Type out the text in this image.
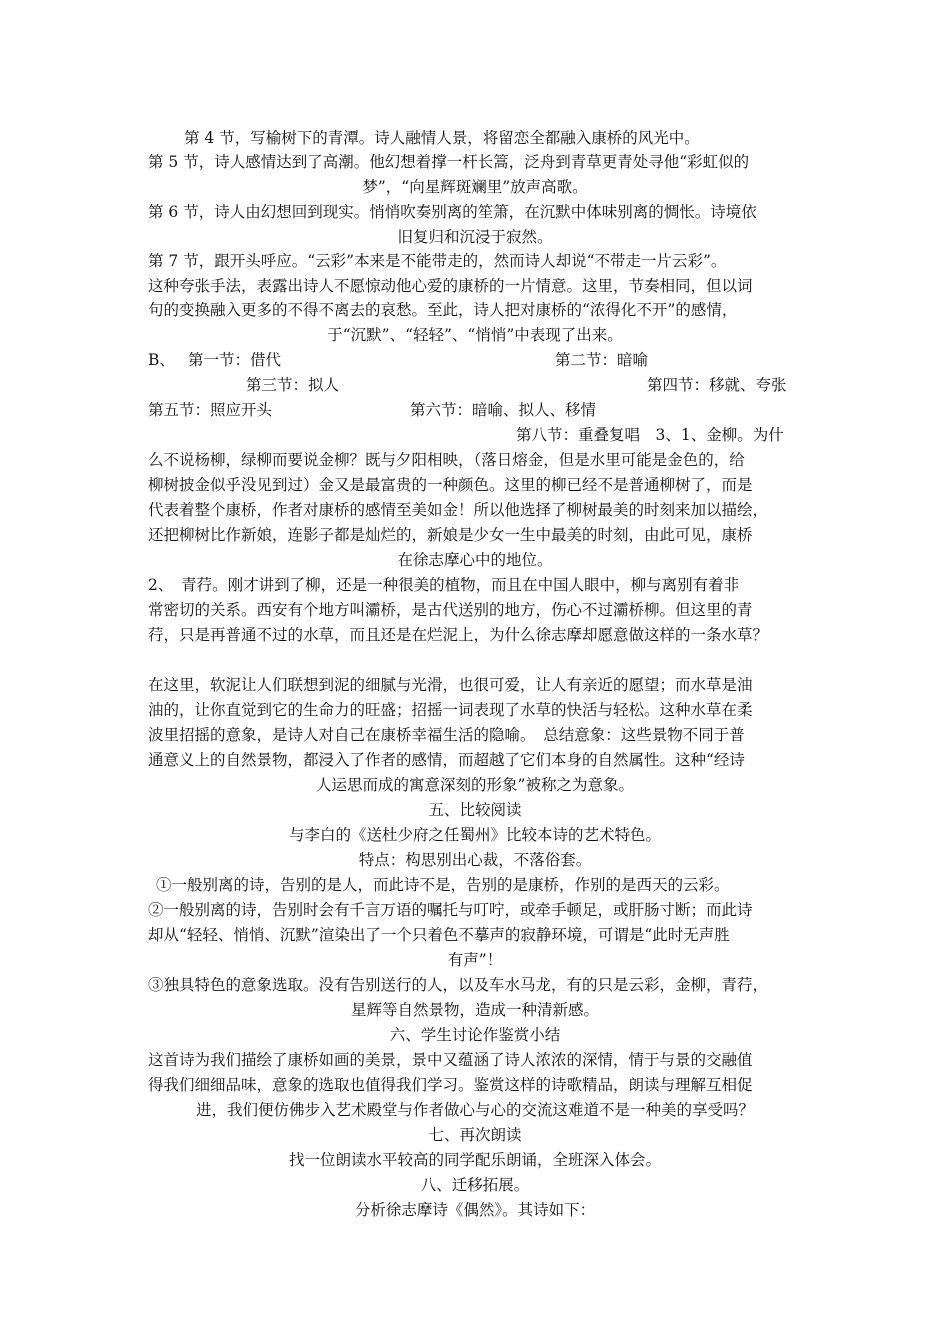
第 4 节，写榆树下的青潭。诗人融情人景，将留恋全都融入康桥的风光中。
第 5 节，诗人感情达到了高潮。他幻想着撑一杆长篙，泛舟到青草更青处寻他“彩虹似的
梦”，“向星辉斑斓里”放声高歌。
第 6 节，诗人由幻想回到现实。悄悄吹奏别离的笙箫，在沉默中体味别离的惆怅。诗境依
旧复归和沉浸于寂然。
第 7 节，跟开头呼应。“云彩”本来是不能带走的，然而诗人却说“不带走一片云彩”。
这种夸张手法，表露出诗人不愿惊动他心爱的康桥的一片情意。这里，节奏相同，但以词
句的变换融入更多的不得不离去的哀愁。至此，诗人把对康桥的“浓得化不开”的感情，
于“沉默”、“轻轻”、“悄悄”中表现了出来。
B、 第一节：借代	第二节：暗喻
第三节：拟人	第四节：移就、夸张
第五节：照应开头	第六节：暗喻、拟人、移情
第八节：重叠复唱　3、1、金柳。为什
么不说杨柳，绿柳而要说金柳？既与夕阳相映，（落日熔金，但是水里可能是金色的，给
柳树披金似乎没见到过）金又是最富贵的一种颜色。这里的柳已经不是普通柳树了，而是
代表着整个康桥，作者对康桥的感情至美如金！所以他选择了柳树最美的时刻来加以描绘，
还把柳树比作新娘，连影子都是灿烂的，新娘是少女一生中最美的时刻，由此可见，康桥
在徐志摩心中的地位。
2、　青荇。刚才讲到了柳，还是一种很美的植物，而且在中国人眼中，柳与离别有着非
常密切的关系。西安有个地方叫灞桥，是古代送别的地方，伤心不过灞桥柳。但这里的青
荇，只是再普通不过的水草，而且还是在烂泥上，为什么徐志摩却愿意做这样的一条水草？
在这里，软泥让人们联想到泥的细腻与光滑，也很可爱，让人有亲近的愿望；而水草是油
油的，让你直觉到它的生命力的旺盛；招摇一词表现了水草的快活与轻松。这种水草在柔
波里招摇的意象，是诗人对自己在康桥幸福生活的隐喻。　总结意象：这些景物不同于普
通意义上的自然景物，都浸入了作者的感情，而超越了它们本身的自然属性。这种“经诗
人运思而成的寓意深刻的形象”被称之为意象。
五、比较阅读
与李白的《送杜少府之任蜀州》比较本诗的艺术特色。
特点：构思别出心裁，不落俗套。
①一般别离的诗，告别的是人，而此诗不是，告别的是康桥，作别的是西天的云彩。
②一般别离的诗，告别时会有千言万语的嘱托与叮咛，或牵手顿足，或肝肠寸断；而此诗
却从“轻轻、悄悄、沉默”渲染出了一个只着色不摹声的寂静环境，可谓是“此时无声胜
有声”！
③独具特色的意象选取。没有告别送行的人，以及车水马龙，有的只是云彩，金柳，青荇，
星辉等自然景物，造成一种清新感。
六、学生讨论作鉴赏小结
这首诗为我们描绘了康桥如画的美景，景中又蕴涵了诗人浓浓的深情，情于与景的交融值
得我们细细品味，意象的选取也值得我们学习。鉴赏这样的诗歌精品，朗读与理解互相促
进，我们便仿佛步入艺术殿堂与作者做心与心的交流这难道不是一种美的享受吗？
七、再次朗读
找一位朗读水平较高的同学配乐朗诵，全班深入体会。
八、迁移拓展。
分析徐志摩诗《偶然》。其诗如下：
